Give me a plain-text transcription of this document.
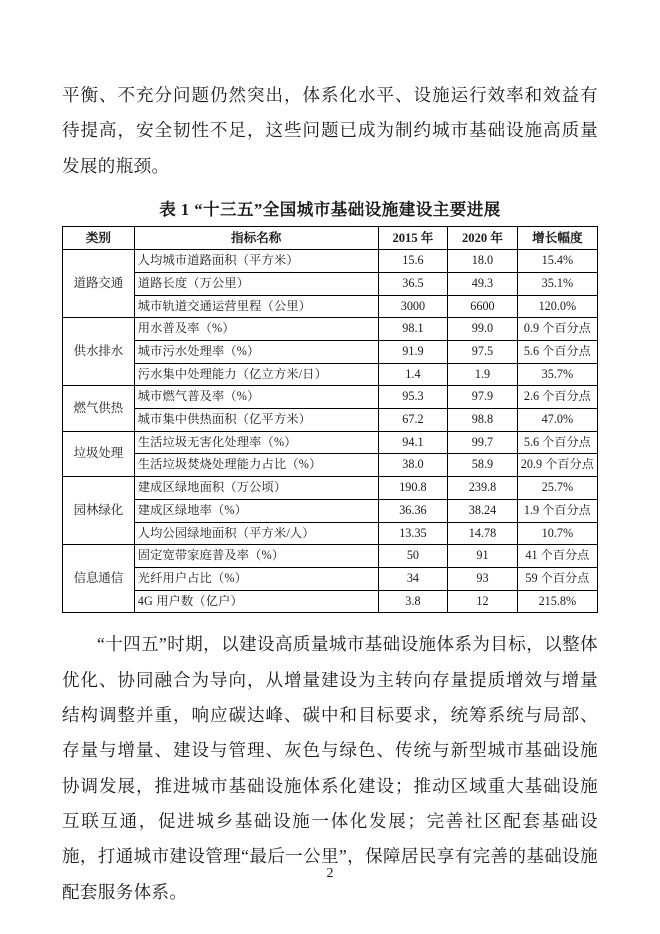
平衡、不充分问题仍然突出，体系化水平、设施运行效率和效益有待提高，安全韧性不足，这些问题已成为制约城市基础设施高质量发展的瓶颈。

表 1 “十三五”全国城市基础设施建设主要进展
类别	指标名称	2015 年	2020 年	增长幅度
道路交通	人均城市道路面积（平方米）	15.6	18.0	15.4%
	道路长度（万公里）	36.5	49.3	35.1%
	城市轨道交通运营里程（公里）	3000	6600	120.0%
供水排水	用水普及率（%）	98.1	99.0	0.9 个百分点
	城市污水处理率（%）	91.9	97.5	5.6 个百分点
	污水集中处理能力（亿立方米/日）	1.4	1.9	35.7%
燃气供热	城市燃气普及率（%）	95.3	97.9	2.6 个百分点
	城市集中供热面积（亿平方米）	67.2	98.8	47.0%
垃圾处理	生活垃圾无害化处理率（%）	94.1	99.7	5.6 个百分点
	生活垃圾焚烧处理能力占比（%）	38.0	58.9	20.9 个百分点
园林绿化	建成区绿地面积（万公顷）	190.8	239.8	25.7%
	建成区绿地率（%）	36.36	38.24	1.9 个百分点
	人均公园绿地面积（平方米/人）	13.35	14.78	10.7%
信息通信	固定宽带家庭普及率（%）	50	91	41 个百分点
	光纤用户占比（%）	34	93	59 个百分点
	4G 用户数（亿户）	3.8	12	215.8%

“十四五”时期，以建设高质量城市基础设施体系为目标，以整体优化、协同融合为导向，从增量建设为主转向存量提质增效与增量结构调整并重，响应碳达峰、碳中和目标要求，统筹系统与局部、存量与增量、建设与管理、灰色与绿色、传统与新型城市基础设施协调发展，推进城市基础设施体系化建设；推动区域重大基础设施互联互通，促进城乡基础设施一体化发展；完善社区配套基础设施，打通城市建设管理“最后一公里”，保障居民享有完善的基础设施配套服务体系。

2
